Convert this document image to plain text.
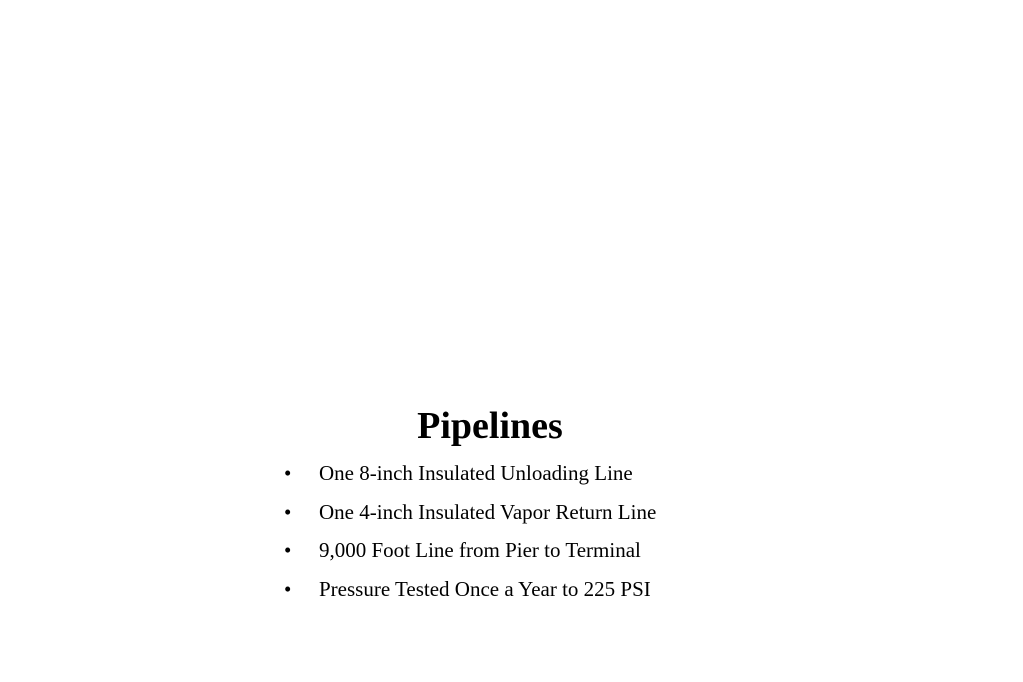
Pipelines
•	One 8-inch Insulated Unloading Line
•	One 4-inch Insulated Vapor Return Line
•	9,000 Foot Line from Pier to Terminal
•	Pressure Tested Once a Year to 225 PSI
